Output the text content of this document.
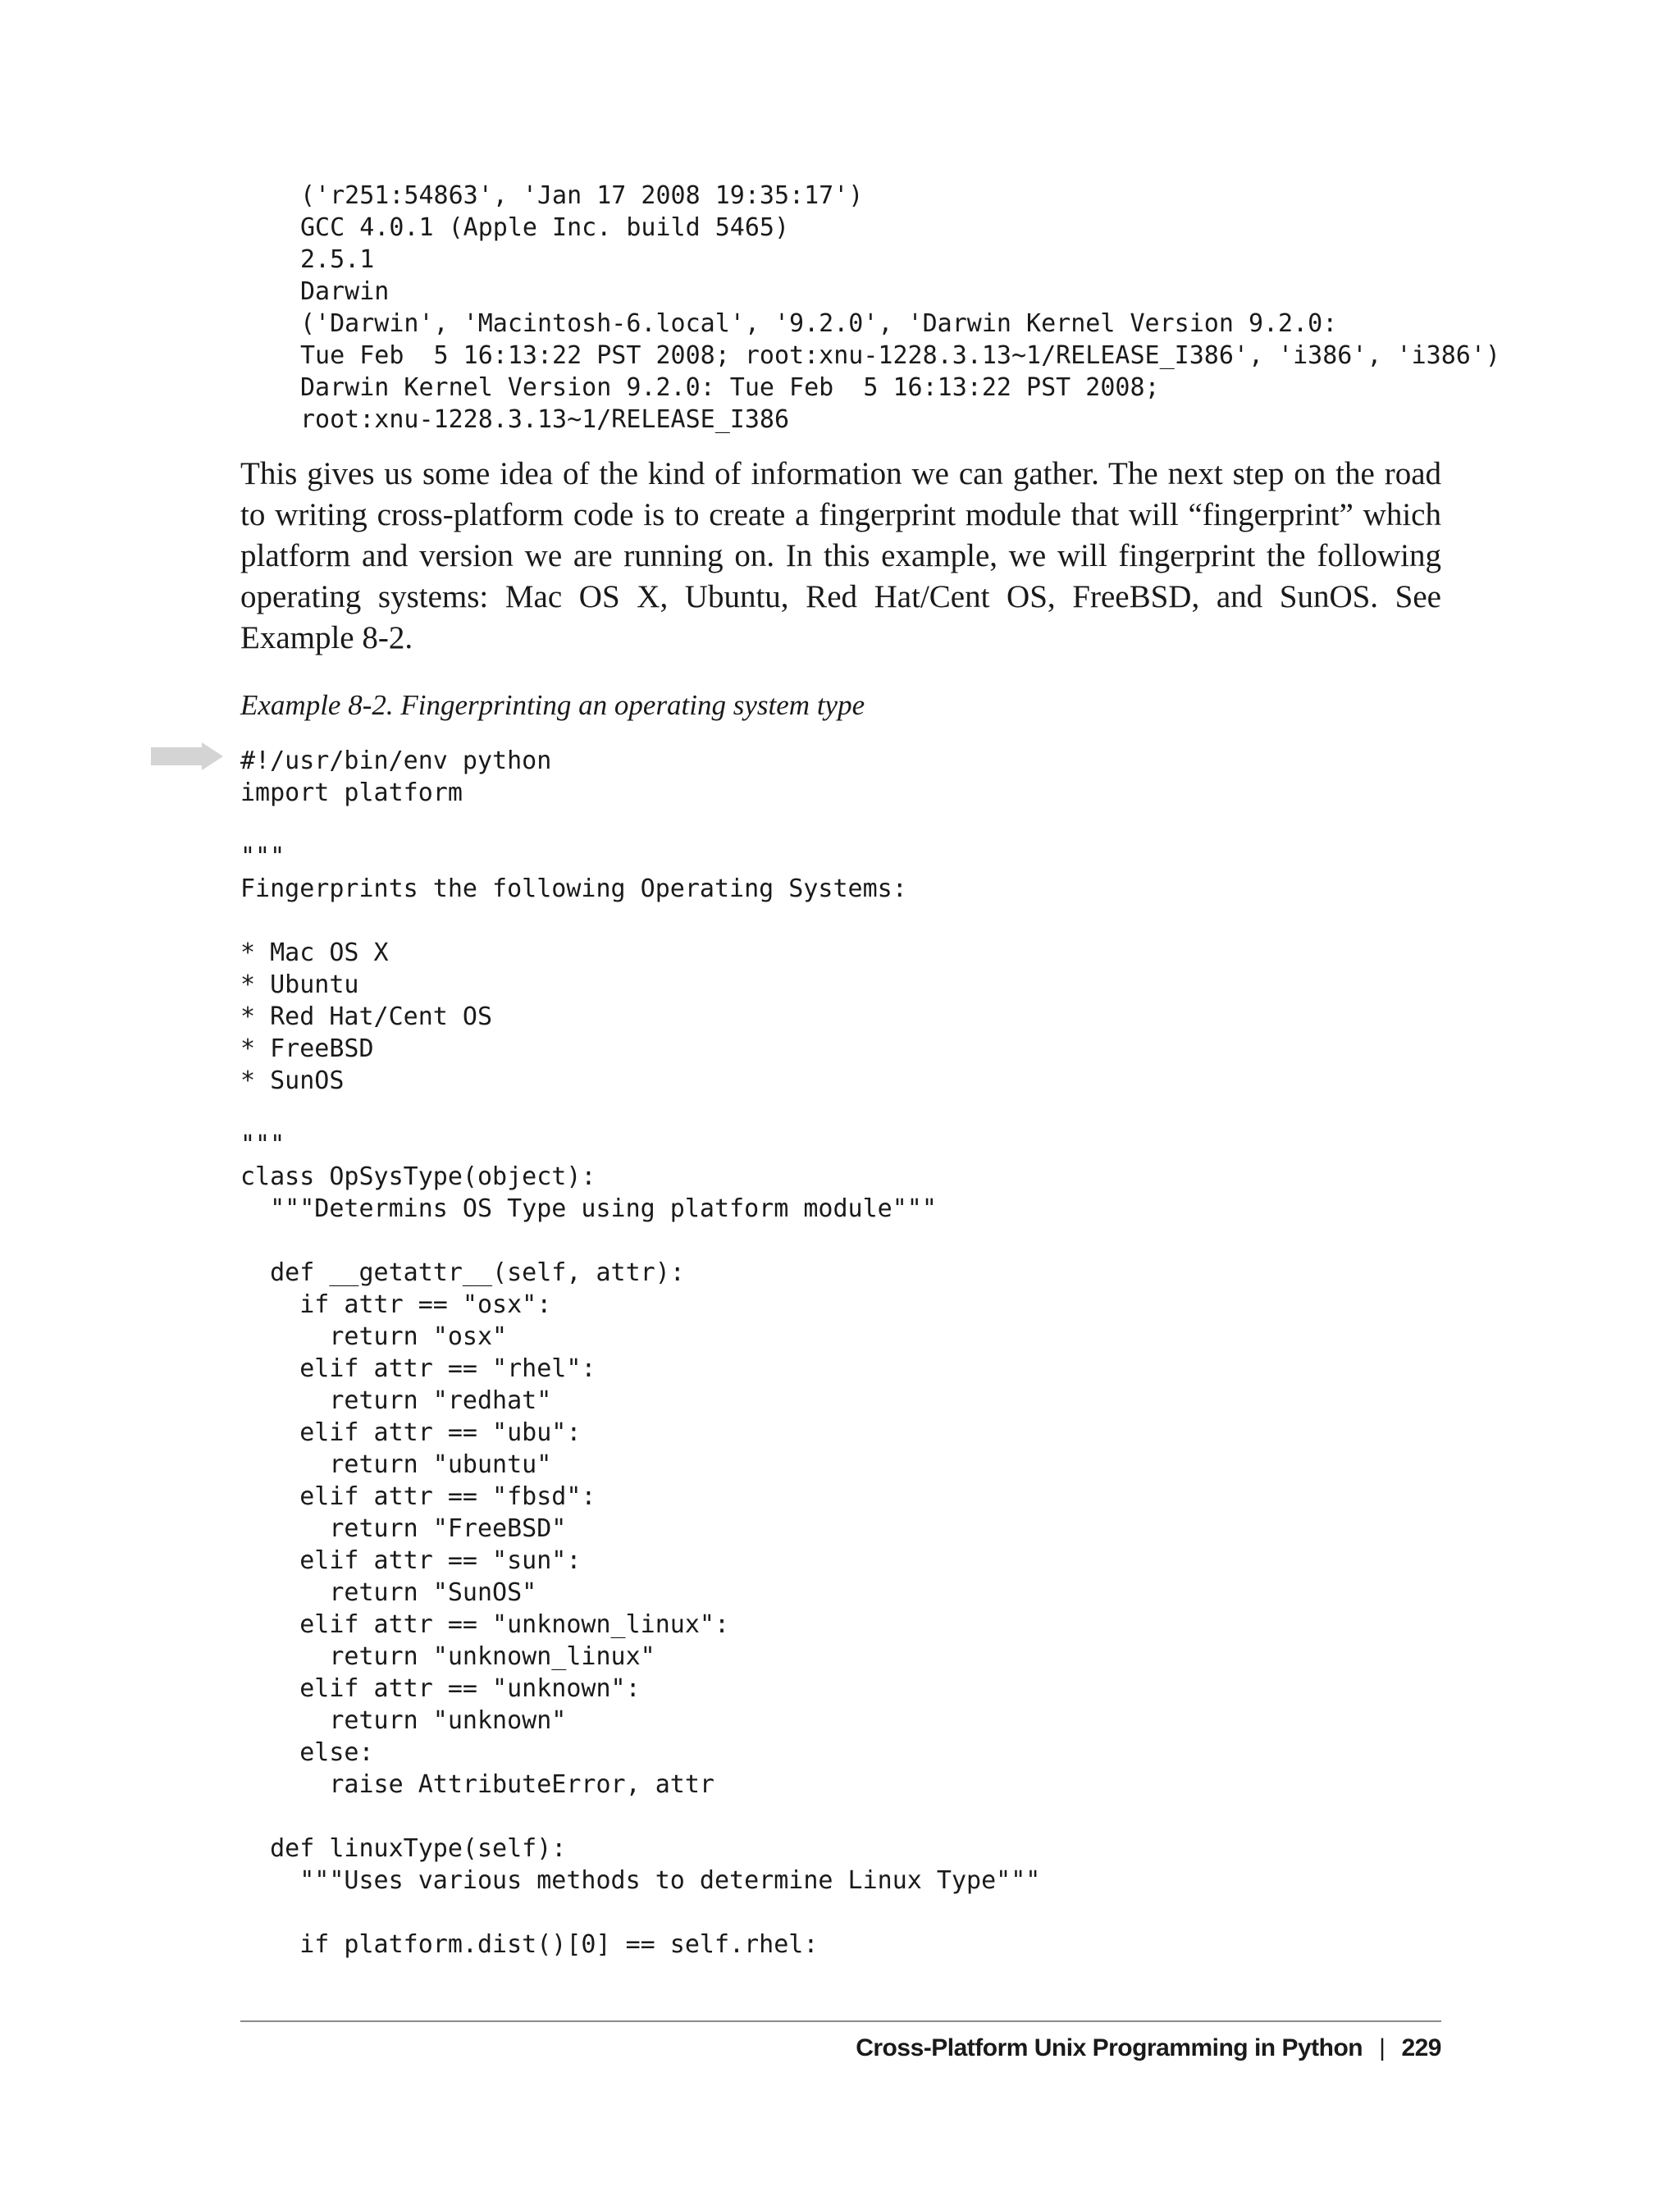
('r251:54863', 'Jan 17 2008 19:35:17')
GCC 4.0.1 (Apple Inc. build 5465)
2.5.1
Darwin
('Darwin', 'Macintosh-6.local', '9.2.0', 'Darwin Kernel Version 9.2.0:
Tue Feb  5 16:13:22 PST 2008; root:xnu-1228.3.13~1/RELEASE_I386', 'i386', 'i386')
Darwin Kernel Version 9.2.0: Tue Feb  5 16:13:22 PST 2008;
root:xnu-1228.3.13~1/RELEASE_I386

This gives us some idea of the kind of information we can gather. The next step on the road to writing cross-platform code is to create a fingerprint module that will “fingerprint” which platform and version we are running on. In this example, we will fingerprint the following operating systems: Mac OS X, Ubuntu, Red Hat/Cent OS, FreeBSD, and SunOS. See Example 8-2.

Example 8-2. Fingerprinting an operating system type

#!/usr/bin/env python
import platform

"""
Fingerprints the following Operating Systems:

* Mac OS X
* Ubuntu
* Red Hat/Cent OS
* FreeBSD
* SunOS

"""
class OpSysType(object):
"""Determins OS Type using platform module"""

def __getattr__(self, attr):
if attr == "osx":
return "osx"
elif attr == "rhel":
return "redhat"
elif attr == "ubu":
return "ubuntu"
elif attr == "fbsd":
return "FreeBSD"
elif attr == "sun":
return "SunOS"
elif attr == "unknown_linux":
return "unknown_linux"
elif attr == "unknown":
return "unknown"
else:
raise AttributeError, attr

def linuxType(self):
"""Uses various methods to determine Linux Type"""

if platform.dist()[0] == self.rhel:
Cross-Platform Unix Programming in Python | 229
